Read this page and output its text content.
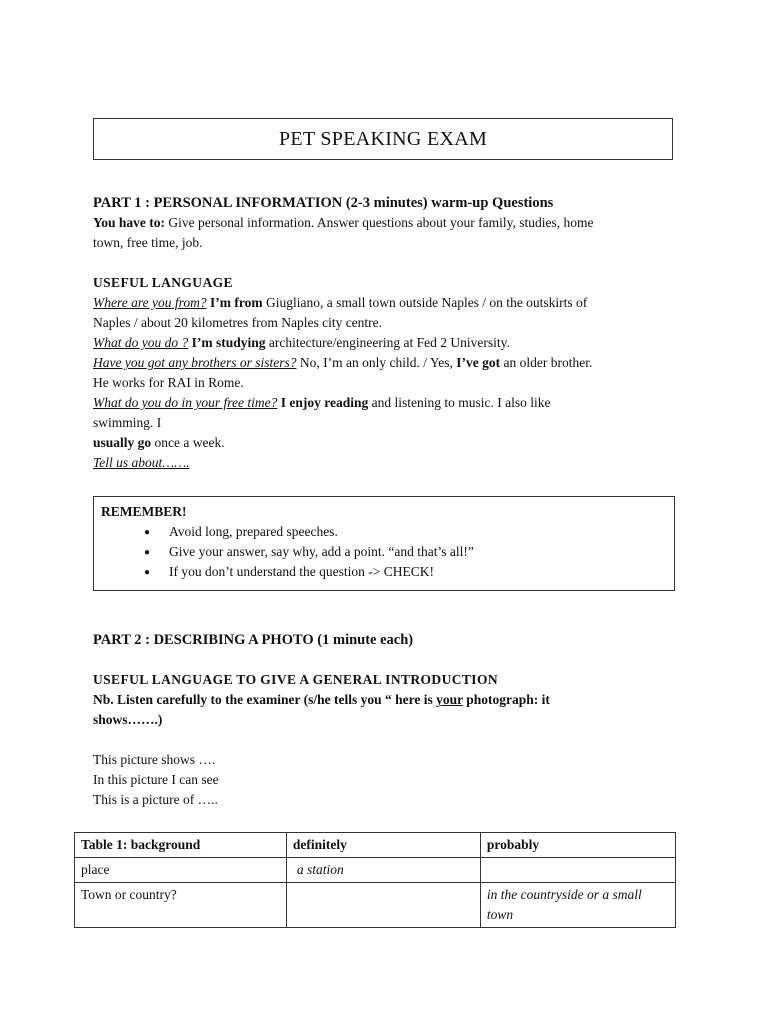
PET SPEAKING EXAM
PART 1 : PERSONAL INFORMATION (2-3 minutes) warm-up Questions
You have to: Give personal information. Answer questions about your family, studies, home
town, free time, job.
USEFUL LANGUAGE
Where are you from? I’m from Giugliano, a small town outside Naples / on the outskirts of
Naples / about 20 kilometres from Naples city centre.
What do you do ? I’m studying architecture/engineering at Fed 2 University.
Have you got any brothers or sisters? No, I’m an only child. / Yes, I’ve got an older brother.
He works for RAI in Rome.
What do you do in your free time? I enjoy reading and listening to music. I also like
swimming. I
usually go once a week.
Tell us about…….
REMEMBER!
● Avoid long, prepared speeches.
● Give your answer, say why, add a point. “and that’s all!”
● If you don’t understand the question -> CHECK!
PART 2 : DESCRIBING A PHOTO (1 minute each)
USEFUL LANGUAGE TO GIVE A GENERAL INTRODUCTION
Nb. Listen carefully to the examiner (s/he tells you “ here is your photograph: it
shows…….)
This picture shows ….
In this picture I can see
This is a picture of …..
Table 1: background	definitely	probably
place	a station	
Town or country?		in the countryside or a small town
